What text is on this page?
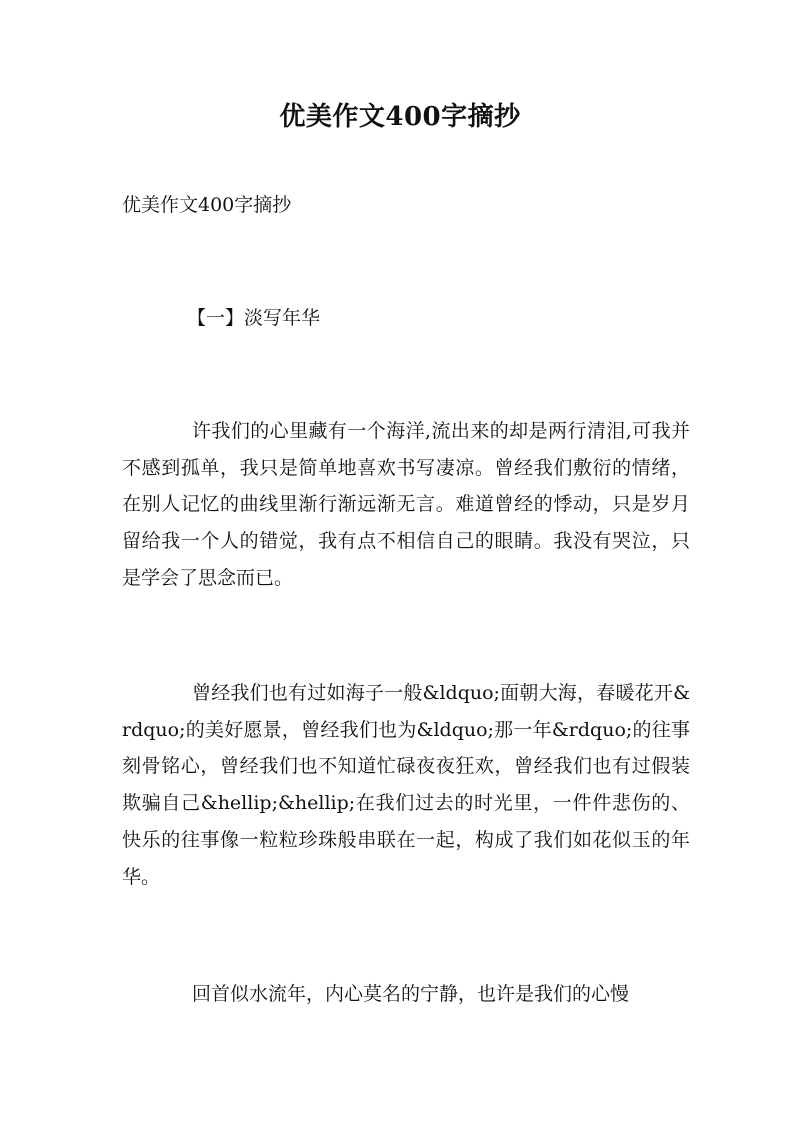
优美作文400字摘抄

优美作文400字摘抄

【一】淡写年华

许我们的心里藏有一个海洋,流出来的却是两行清泪,可我并不感到孤单，我只是简单地喜欢书写凄凉。曾经我们敷衍的情绪，在别人记忆的曲线里渐行渐远渐无言。难道曾经的悸动，只是岁月留给我一个人的错觉，我有点不相信自己的眼睛。我没有哭泣，只是学会了思念而已。

曾经我们也有过如海子一般&ldquo;面朝大海，春暖花开&rdquo;的美好愿景，曾经我们也为&ldquo;那一年&rdquo;的往事刻骨铭心，曾经我们也不知道忙碌夜夜狂欢，曾经我们也有过假装欺骗自己&hellip;&hellip;在我们过去的时光里，一件件悲伤的、快乐的往事像一粒粒珍珠般串联在一起，构成了我们如花似玉的年华。

回首似水流年，内心莫名的宁静，也许是我们的心慢
